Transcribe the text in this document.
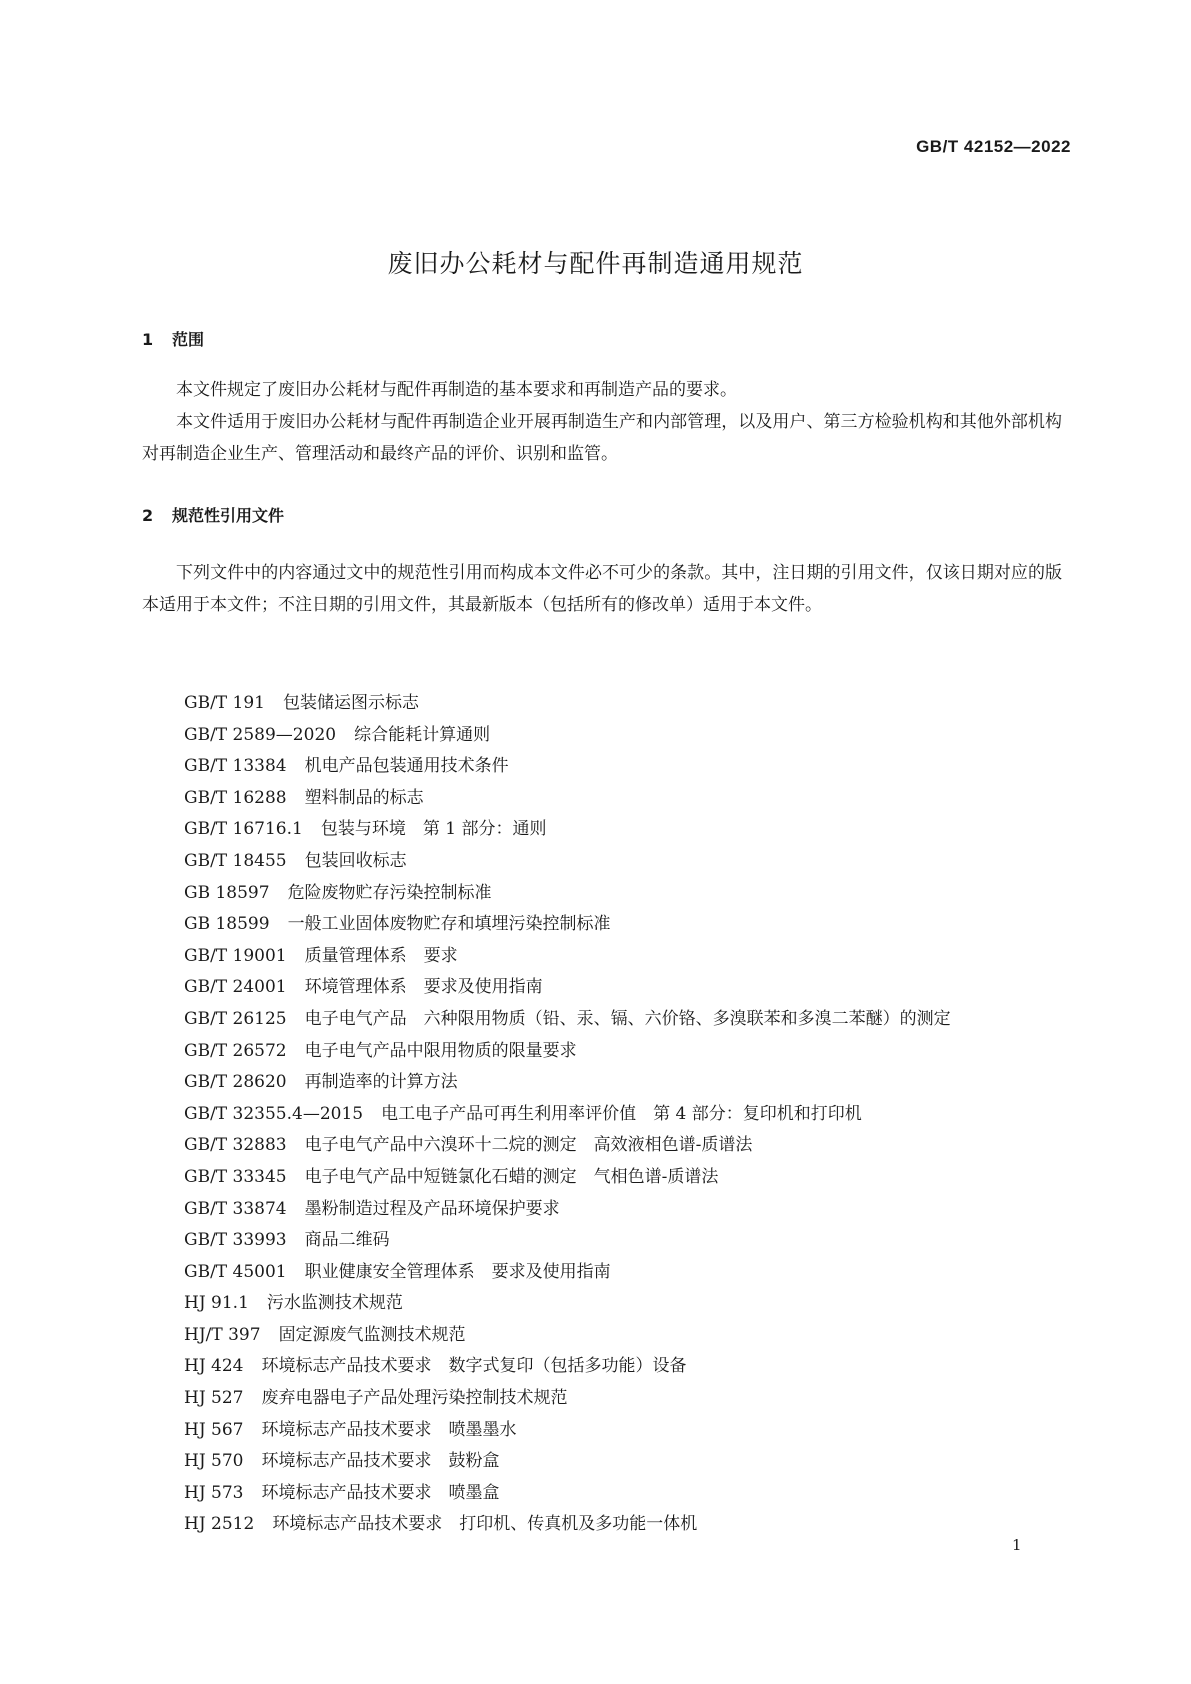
GB/T 42152—2022
废旧办公耗材与配件再制造通用规范
1 范围

本文件规定了废旧办公耗材与配件再制造的基本要求和再制造产品的要求。

本文件适用于废旧办公耗材与配件再制造企业开展再制造生产和内部管理，以及用户、第三方检验机构和其他外部机构对再制造企业生产、管理活动和最终产品的评价、识别和监管。

2 规范性引用文件

下列文件中的内容通过文中的规范性引用而构成本文件必不可少的条款。其中，注日期的引用文件，仅该日期对应的版本适用于本文件；不注日期的引用文件，其最新版本（包括所有的修改单）适用于本文件。

GB/T 191 包装储运图示标志
GB/T 2589—2020 综合能耗计算通则
GB/T 13384 机电产品包装通用技术条件
GB/T 16288 塑料制品的标志
GB/T 16716.1 包装与环境　第 1 部分：通则
GB/T 18455 包装回收标志
GB 18597 危险废物贮存污染控制标准
GB 18599 一般工业固体废物贮存和填埋污染控制标准
GB/T 19001 质量管理体系　要求
GB/T 24001 环境管理体系　要求及使用指南
GB/T 26125 电子电气产品　六种限用物质（铅、汞、镉、六价铬、多溴联苯和多溴二苯醚）的测定
GB/T 26572 电子电气产品中限用物质的限量要求
GB/T 28620 再制造率的计算方法
GB/T 32355.4—2015 电工电子产品可再生利用率评价值　第 4 部分：复印机和打印机
GB/T 32883 电子电气产品中六溴环十二烷的测定　高效液相色谱-质谱法
GB/T 33345 电子电气产品中短链氯化石蜡的测定　气相色谱-质谱法
GB/T 33874 墨粉制造过程及产品环境保护要求
GB/T 33993 商品二维码
GB/T 45001 职业健康安全管理体系　要求及使用指南
HJ 91.1 污水监测技术规范
HJ/T 397 固定源废气监测技术规范
HJ 424 环境标志产品技术要求　数字式复印（包括多功能）设备
HJ 527 废弃电器电子产品处理污染控制技术规范
HJ 567 环境标志产品技术要求　喷墨墨水
HJ 570 环境标志产品技术要求　鼓粉盒
HJ 573 环境标志产品技术要求　喷墨盒
HJ 2512 环境标志产品技术要求　打印机、传真机及多功能一体机
1
